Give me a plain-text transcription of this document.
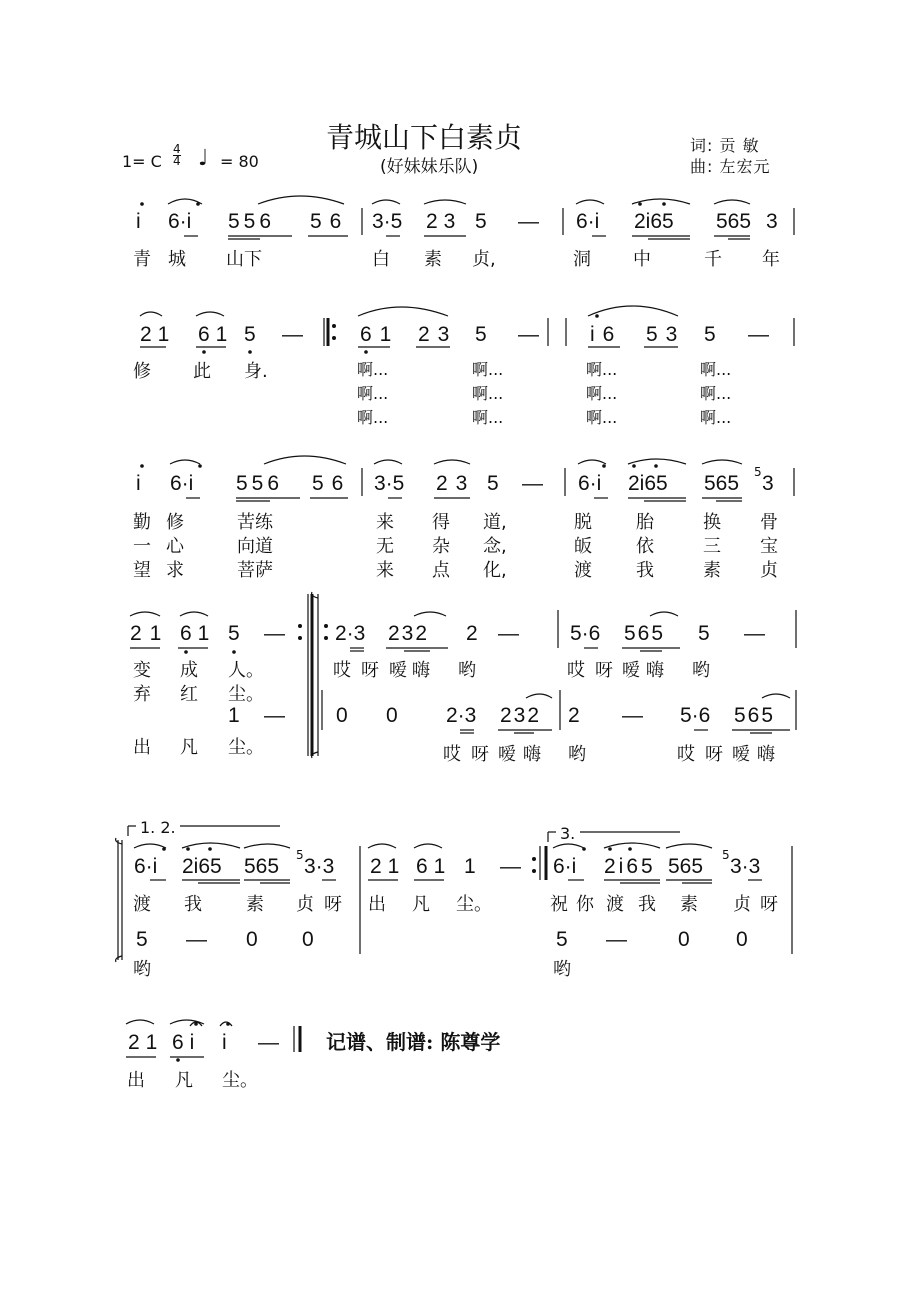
青城山下白素贞
(好妹妹乐队)
词: 贡 敏
曲: 左宏元
1= C
4
4 ♩ = 80
i 6·i 556 56 3·5 23 5 — 6·i 2i65 565 3
青 城 山下	白 素 贞,	洞 中	千 年
21 61 5 —	61 23 5 — i6 53 5 —
修 此 身.	啊...	啊...	啊...	啊...
啊...	啊...	啊...	啊...
啊...	啊...	啊...	啊...
i 6·i 556 56 3·5 23 5 — 6·i 2i65 565 5 3
勤 修	苦练	来 得 道,	脱 胎	换 骨
一 心	向道	无 杂 念,	皈 依	三 宝
望 求	菩萨	来 点 化,	渡 我	素 贞
21 61 5 — 2·3 232 2 — 5·6 565 5 —
变 成 人。
弃 红 尘。
1 —
出 凡 尘。
哎 呀 嗳 嗨 哟	哎 呀 嗳 嗨 哟
0 0 2·3 232 2 — 5·6 565
哎 呀 嗳 嗨 哟	哎 呀 嗳 嗨
1. 2.	3.
6·i 2i65 565 5 3·3 21 61 1 — 6·i 2i65 565 5 3·3
渡 我 素 贞 呀 出 凡 尘。	祝 你 渡 我 素 贞 呀
5 — 0 0
哟
5 — 0 0
哟
21 6i i —
出 凡 尘。
记谱、制谱: 陈尊学
